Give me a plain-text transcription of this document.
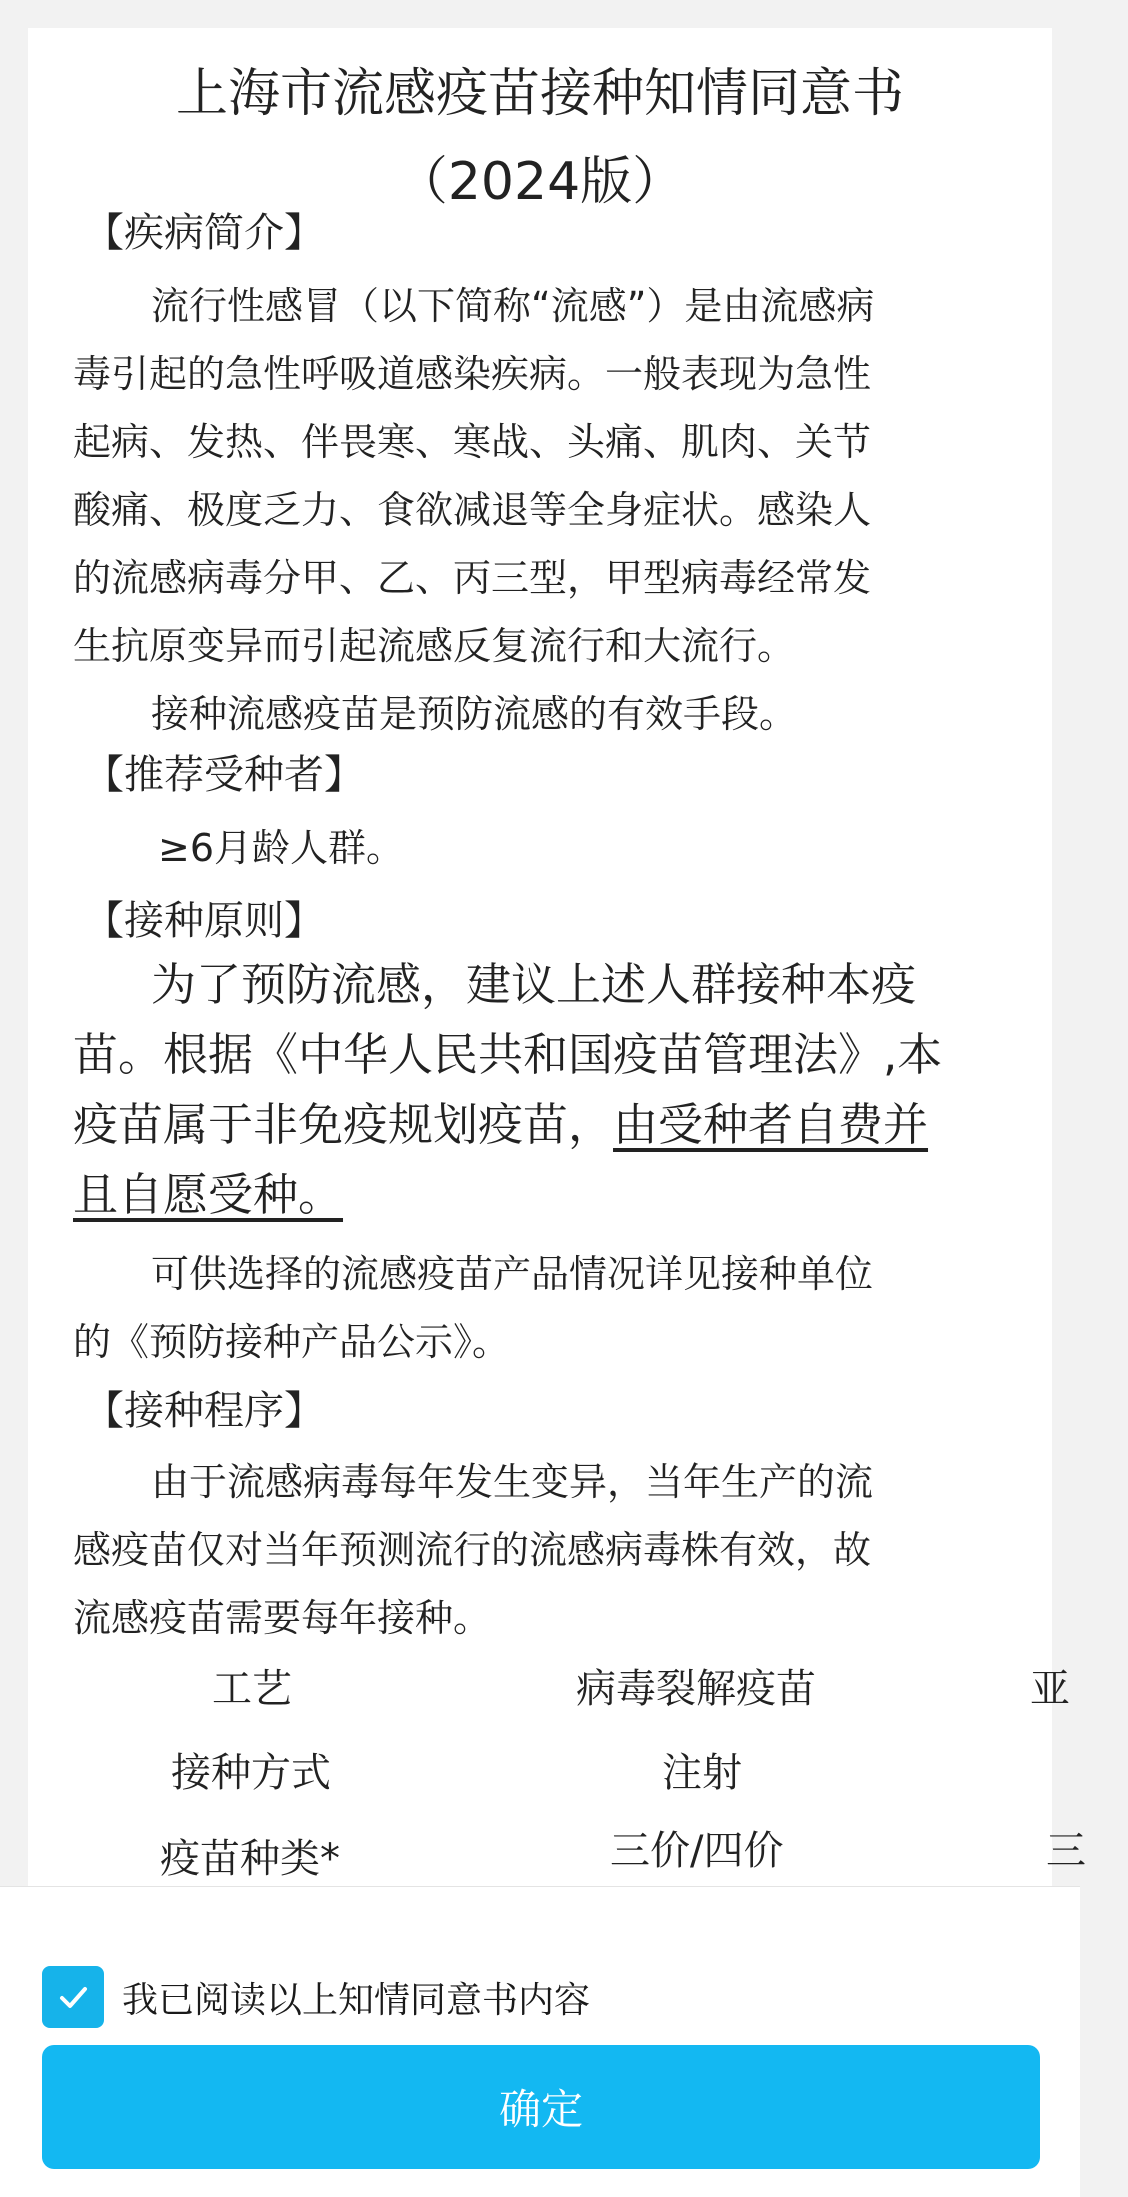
上海市流感疫苗接种知情同意书
（2024版）
【疾病简介】
流行性感冒（以下简称“流感”）是由流感病
毒引起的急性呼吸道感染疾病。一般表现为急性
起病、发热、伴畏寒、寒战、头痛、肌肉、关节
酸痛、极度乏力、食欲减退等全身症状。感染人
的流感病毒分甲、乙、丙三型，甲型病毒经常发
生抗原变异而引起流感反复流行和大流行。
接种流感疫苗是预防流感的有效手段。
【推荐受种者】
≥6月龄人群。
【接种原则】
为了预防流感，建议上述人群接种本疫
苗。根据《中华人民共和国疫苗管理法》,本
疫苗属于非免疫规划疫苗，由受种者自费并
且自愿受种。
可供选择的流感疫苗产品情况详见接种单位
的《预防接种产品公示》。
【接种程序】
由于流感病毒每年发生变异，当年生产的流
感疫苗仅对当年预测流行的流感病毒株有效，故
流感疫苗需要每年接种。
工艺	病毒裂解疫苗	亚
接种方式	注射
疫苗种类*	三价/四价	三
我已阅读以上知情同意书内容
确定
